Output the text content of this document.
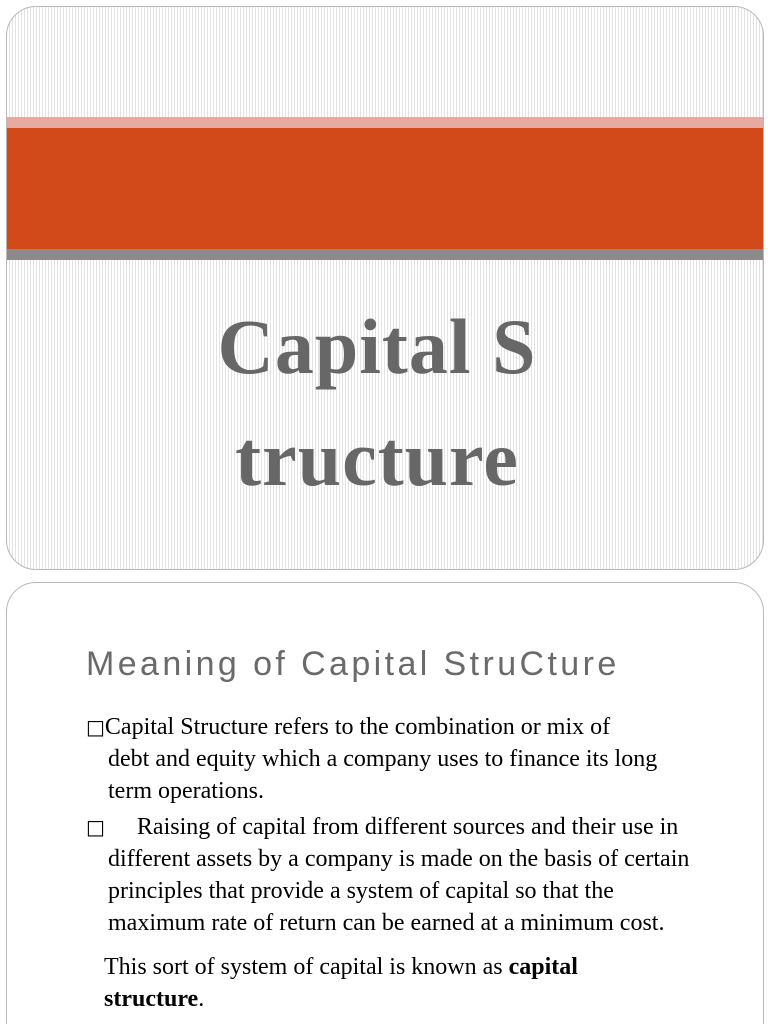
Capital Structure
Meaning of Capital StruCture
□Capital Structure refers to the combination or mix of
debt and equity which a company uses to finance its long
term operations.
□ Raising of capital from different sources and their use in
different assets by a company is made on the basis of certain
principles that provide a system of capital so that the
maximum rate of return can be earned at a minimum cost.
This sort of system of capital is known as capital
structure.
